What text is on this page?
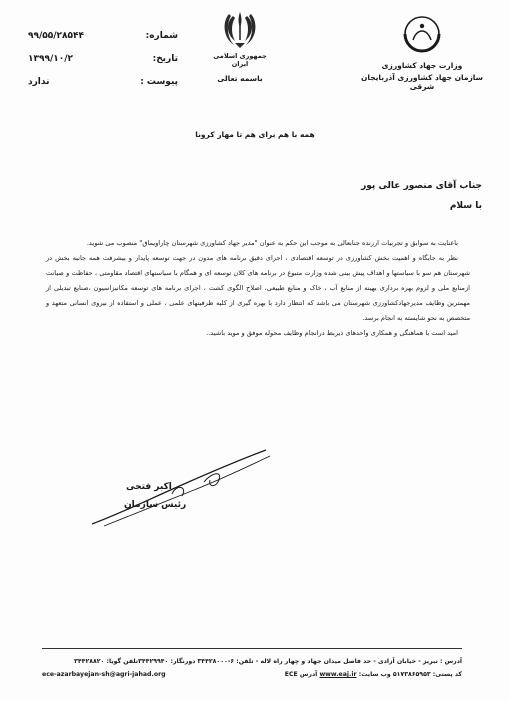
۹۹/۵۵/۲۸۵۴۴	شماره:
۱۳۹۹/۱۰/۲	تاریخ:
ندارد	پیوست :
جمهوری اسلامی ایران
باسمه تعالی
وزارت جهاد کشاورزی
سازمان جهاد کشاورزی آذربایجان شرقی
همه با هم برای هم تا مهار کرونا
جناب آقای منصور عالی پور
با سلام

باعنایت به سوابق و تجربیات ارزنده جنابعالی به موجب این حکم به عنوان "مدیر جهاد کشاورزی شهرستان چاراویماق" منصوب می شوید.

نظر به جایگاه و اهمیت بخش کشاورزی در توسعه اقتصادی ، اجرای دقیق برنامه های مدون در جهت توسعه پایدار و بیشرفت همه جانبه بخش در شهرستان هم سو با سیاستها و اهداف پیش بینی شده وزارت متبوع در برنامه های کلان توسعه ای و همگام با سیاستهای اقتصاد مقاومتی ، حفاظت و صیانت ازمنابع ملی و لزوم بهره برداری بهینه از منابع آب ، خاک و منابع طبیعی، اصلاح الگوی کشت ، اجرای برنامه های توسعه مکانیزاسیون ،صنایع تبدیلی از مهمترین وظایف مدیرجهادکشاورزی شهرستان می باشد که انتظار دارد با بهره گیری از کلیه ظرفیتهای علمی ، عملی و استفاده از نیروی انسانی متعهد و متخصص به نحو شایسته به انجام برسد.

امید است با هماهنگی و همکاری واحدهای ذیربط درانجام وظایف محوله موفق و موید باشید..

اکبر فتحی
رئیس سازمان
آدرس : تبریز - خیابان آزادی - حد فاصل میدان جهاد و چهار راه لاله - تلفن: ۶-۳۴۴۲۸۰۰۰ دورنگار: ۳۴۴۲۹۹۴۰تلفن گویا: ۳۴۴۲۸۸۲۰
ece-azarbayejan-sh@agri-jahad.org	کد پستی: ۵۱۷۳۸۶۵۹۵۳ وب سایت: www.eaj.ir آدرس ECE
